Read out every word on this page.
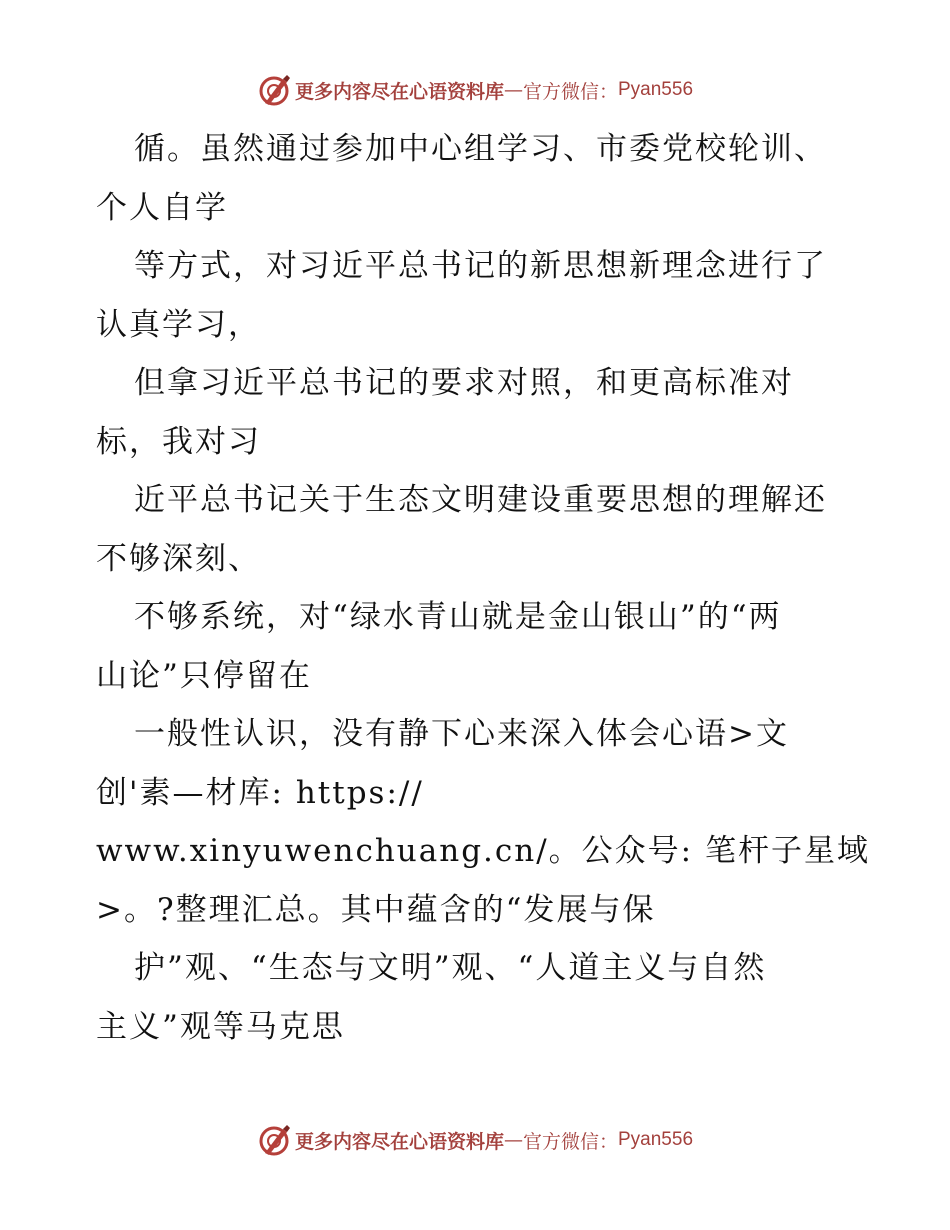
更多内容尽在心语资料库 — 官方微信： Pyan556
循。虽然通过参加中心组学习、市委党校轮训、
个人自学
等方式，对习近平总书记的新思想新理念进行了
认真学习，
但拿习近平总书记的要求对照，和更高标准对
标，我对习
近平总书记关于生态文明建设重要思想的理解还
不够深刻、
不够系统，对“绿水青山就是金山银山”的“两
山论”只停留在
一般性认识，没有静下心来深入体会心语>文
创'素—材库: https://
www.xinyuwenchuang.cn/。公众号: 笔杆子星域
>。?整理汇总。其中蕴含的“发展与保
护”观、“生态与文明”观、“人道主义与自然
主义”观等马克思
更多内容尽在心语资料库 — 官方微信： Pyan556
